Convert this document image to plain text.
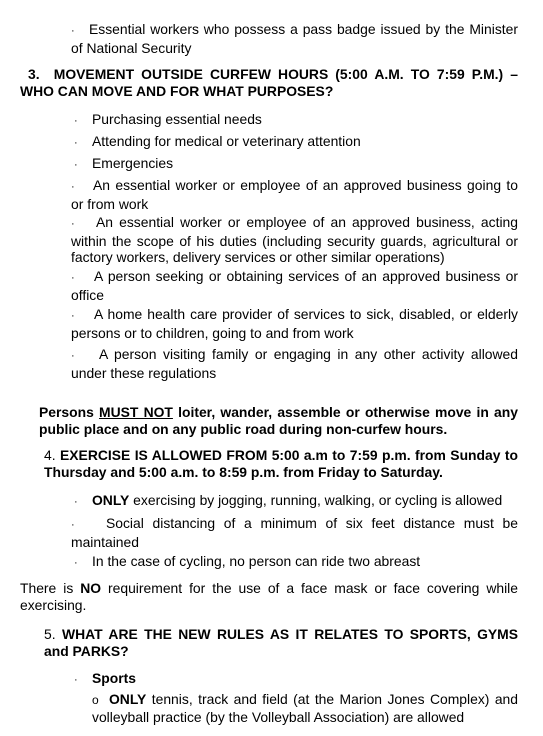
· Essential workers who possess a pass badge issued by the Minister of National Security

3. MOVEMENT OUTSIDE CURFEW HOURS (5:00 A.M. TO 7:59 P.M.) – WHO CAN MOVE AND FOR WHAT PURPOSES?

· Purchasing essential needs

· Attending for medical or veterinary attention

· Emergencies

· An essential worker or employee of an approved business going to or from work

· An essential worker or employee of an approved business, acting within the scope of his duties (including security guards, agricultural or factory workers, delivery services or other similar operations)

· A person seeking or obtaining services of an approved business or office

· A home health care provider of services to sick, disabled, or elderly persons or to children, going to and from work

· A person visiting family or engaging in any other activity allowed under these regulations

Persons MUST NOT loiter, wander, assemble or otherwise move in any public place and on any public road during non-curfew hours.

4. EXERCISE IS ALLOWED FROM 5:00 a.m to 7:59 p.m. from Sunday to Thursday and 5:00 a.m. to 8:59 p.m. from Friday to Saturday.

· ONLY exercising by jogging, running, walking, or cycling is allowed

· Social distancing of a minimum of six feet distance must be maintained

· In the case of cycling, no person can ride two abreast

There is NO requirement for the use of a face mask or face covering while exercising.

5. WHAT ARE THE NEW RULES AS IT RELATES TO SPORTS, GYMS and PARKS?

· Sports

o ONLY tennis, track and field (at the Marion Jones Complex) and volleyball practice (by the Volleyball Association) are allowed
